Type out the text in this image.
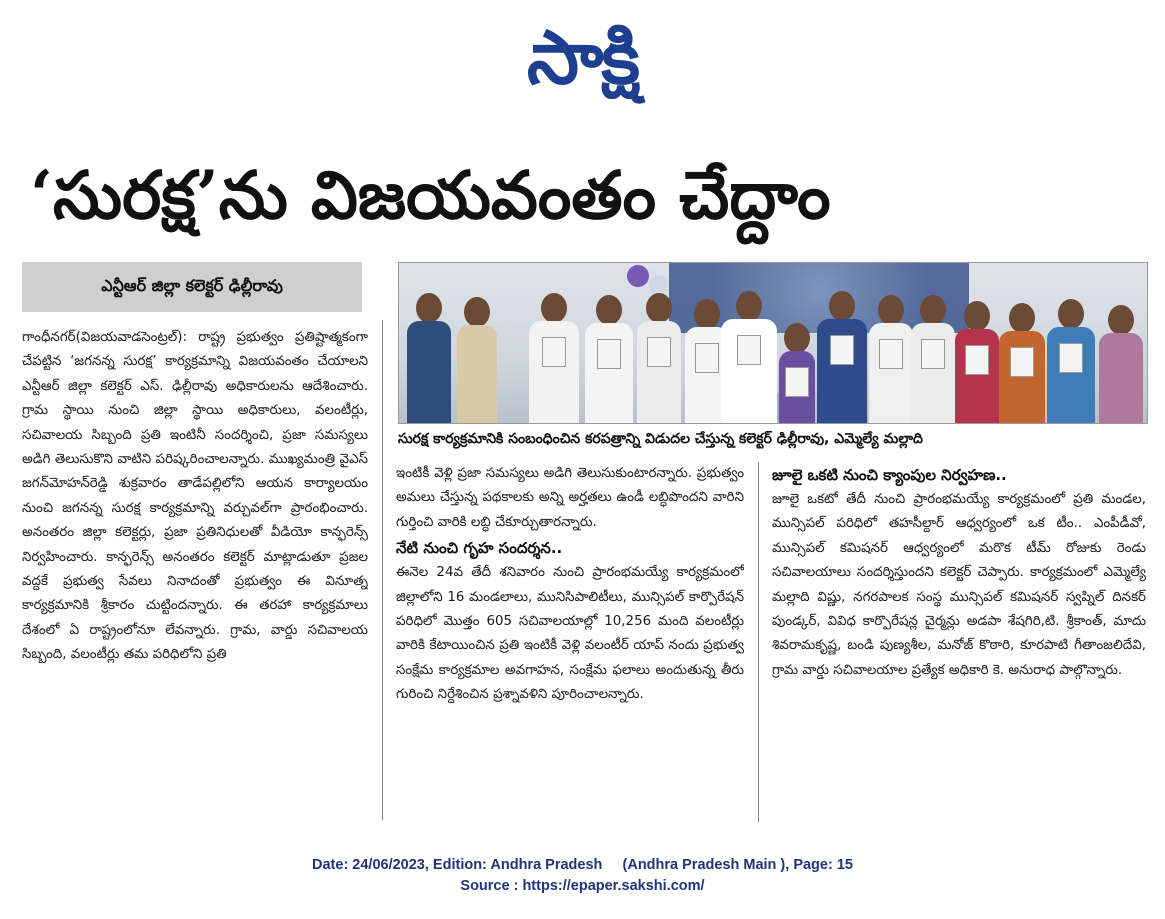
సాక్షి
‘సురక్ష’ను విజయవంతం చేద్దాం
ఎన్టీఆర్ జిల్లా కలెక్టర్ ఢిల్లీరావు
సురక్ష కార్యక్రమానికి సంబంధించిన కరపత్రాన్ని విడుదల చేస్తున్న కలెక్టర్ ఢిల్లీరావు, ఎమ్మెల్యే మల్లాది

గాంధీనగర్(విజయవాడసెంట్రల్): రాష్ట్ర ప్రభుత్వం ప్రతిష్టాత్మకంగా చేపట్టిన ‘జగనన్న సురక్ష’ కార్యక్రమాన్ని విజయవంతం చేయాలని ఎన్టీఆర్ జిల్లా కలెక్టర్ ఎస్. ఢిల్లీరావు అధికారులను ఆదేశించారు. గ్రామ స్థాయి నుంచి జిల్లా స్థాయి అధికారులు, వలంటీర్లు, సచివాలయ సిబ్బంది ప్రతి ఇంటినీ సందర్శించి, ప్రజా సమస్యలు అడిగి తెలుసుకొని వాటిని పరిష్కరించాలన్నారు. ముఖ్యమంత్రి వైఎస్ జగన్‌మోహన్‌రెడ్డి శుక్రవారం తాడేపల్లిలోని ఆయన కార్యాలయం నుంచి జగనన్న సురక్ష కార్యక్రమాన్ని వర్చువల్‌గా ప్రారంభించారు. అనంతరం జిల్లా కలెక్టర్లు, ప్రజా ప్రతినిధులతో వీడియో కాన్ఫరెన్స్ నిర్వహించారు. కాన్ఫరెన్స్ అనంతరం కలెక్టర్ మాట్లాడుతూ ప్రజల వద్దకే ప్రభుత్వ సేవలు నినాదంతో ప్రభుత్వం ఈ వినూత్న కార్యక్రమానికి శ్రీకారం చుట్టిందన్నారు. ఈ తరహా కార్యక్రమాలు దేశంలో ఏ రాష్ట్రంలోనూ లేవన్నారు. గ్రామ, వార్డు సచివాలయ సిబ్బంది, వలంటీర్లు తమ పరిధిలోని ప్రతి

ఇంటికీ వెళ్లి ప్రజా సమస్యలు అడిగి తెలుసుకుంటారన్నారు. ప్రభుత్వం అమలు చేస్తున్న పథకాలకు అన్ని అర్హతలు ఉండీ లబ్ధిపొందని వారిని గుర్తించి వారికి లబ్ధి చేకూర్చుతారన్నారు.

నేటి నుంచి గృహ సందర్శన..

ఈనెల 24వ తేదీ శనివారం నుంచి ప్రారంభమయ్యే కార్యక్రమంలో జిల్లాలోని 16 మండలాలు, మునిసిపాలిటీలు, మున్సిపల్ కార్పొరేషన్ పరిధిలో మొత్తం 605 సచివాలయాల్లో 10,256 మంది వలంటీర్లు వారికి కేటాయించిన ప్రతి ఇంటికీ వెళ్లి వలంటీర్ యాప్ నందు ప్రభుత్వ సంక్షేమ కార్యక్రమాల అవగాహన, సంక్షేమ ఫలాలు అందుతున్న తీరు గురించి నిర్దేశించిన ప్రశ్నావళిని పూరించాలన్నారు.

జూలై ఒకటి నుంచి క్యాంపుల నిర్వహణ..

జూలై ఒకటో తేదీ నుంచి ప్రారంభమయ్యే కార్యక్రమంలో ప్రతి మండల, మున్సిపల్ పరిధిలో తహసీల్దార్ ఆధ్వర్యంలో ఒక టీం.. ఎంపీడీవో, మున్సిపల్ కమిషనర్ ఆధ్వర్యంలో మరొక టీమ్ రోజుకు రెండు సచివాలయాలు సందర్శిస్తుందని కలెక్టర్ చెప్పారు. కార్యక్రమంలో ఎమ్మెల్యే మల్లాది విష్ణు, నగరపాలక సంస్థ మున్సిపల్ కమిషనర్ స్వప్నిల్ దినకర్ పుండ్కర్, వివిధ కార్పొరేషన్ల చైర్మన్లు అడపా శేషగిరి,టి. శ్రీకాంత్, మాదు శివరామకృష్ణ, బండి పుణ్యశీల, మనోజ్ కొఠారి, కూరపాటి గీతాంజలిదేవి, గ్రామ వార్డు సచివాలయాల ప్రత్యేక అధికారి కె. అనురాధ పాల్గొన్నారు.

Date: 24/06/2023, Edition: Andhra Pradesh     (Andhra Pradesh Main ), Page: 15
Source : https://epaper.sakshi.com/
